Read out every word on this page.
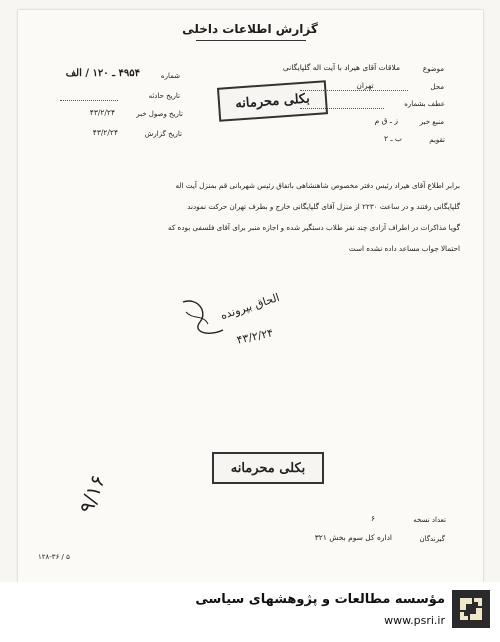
گزارش اطلاعات داخلی
شماره
۴۹۵۴ ـ ۱۲۰ / الف
تاریخ حادثه
تاریخ وصول خبر
۴۳/۲/۲۴
تاریخ گزارش
۴۳/۲/۲۴
موضوع
ملاقات آقای هیراد با آیت اله گلپایگانی
محل
تهران
عطف بشماره
منبع خبر
ز ـ ق م
تقویم
ب ـ ۲
بکلی محرمانه
برابر اطلاع آقای هیراد رئیس دفتر مخصوص شاهنشاهی باتفاق رئیس شهربانی قم بمنزل آیت اله
گلپایگانی رفتند و در ساعت ۲۲۳۰ از منزل آقای گلپایگانی خارج و بطرف تهران حرکت نمودند
گویا مذاکرات در اطراف آزادی چند نفر طلاب دستگیر شده و اجازه منبر برای آقای فلسفی بوده که
احتمالا جواب مساعد داده نشده است
الحاق بپرونده
۴۳/۲/۲۴
بکلی محرمانه
۹/۱۶
تعداد نسخه
۶
گیرندگان
اداره کل سوم بخش ۳۲۱
۵ / ۱۲۸-۳۶
مؤسسه مطالعات و پژوهشهای سیاسی
www.psri.ir
